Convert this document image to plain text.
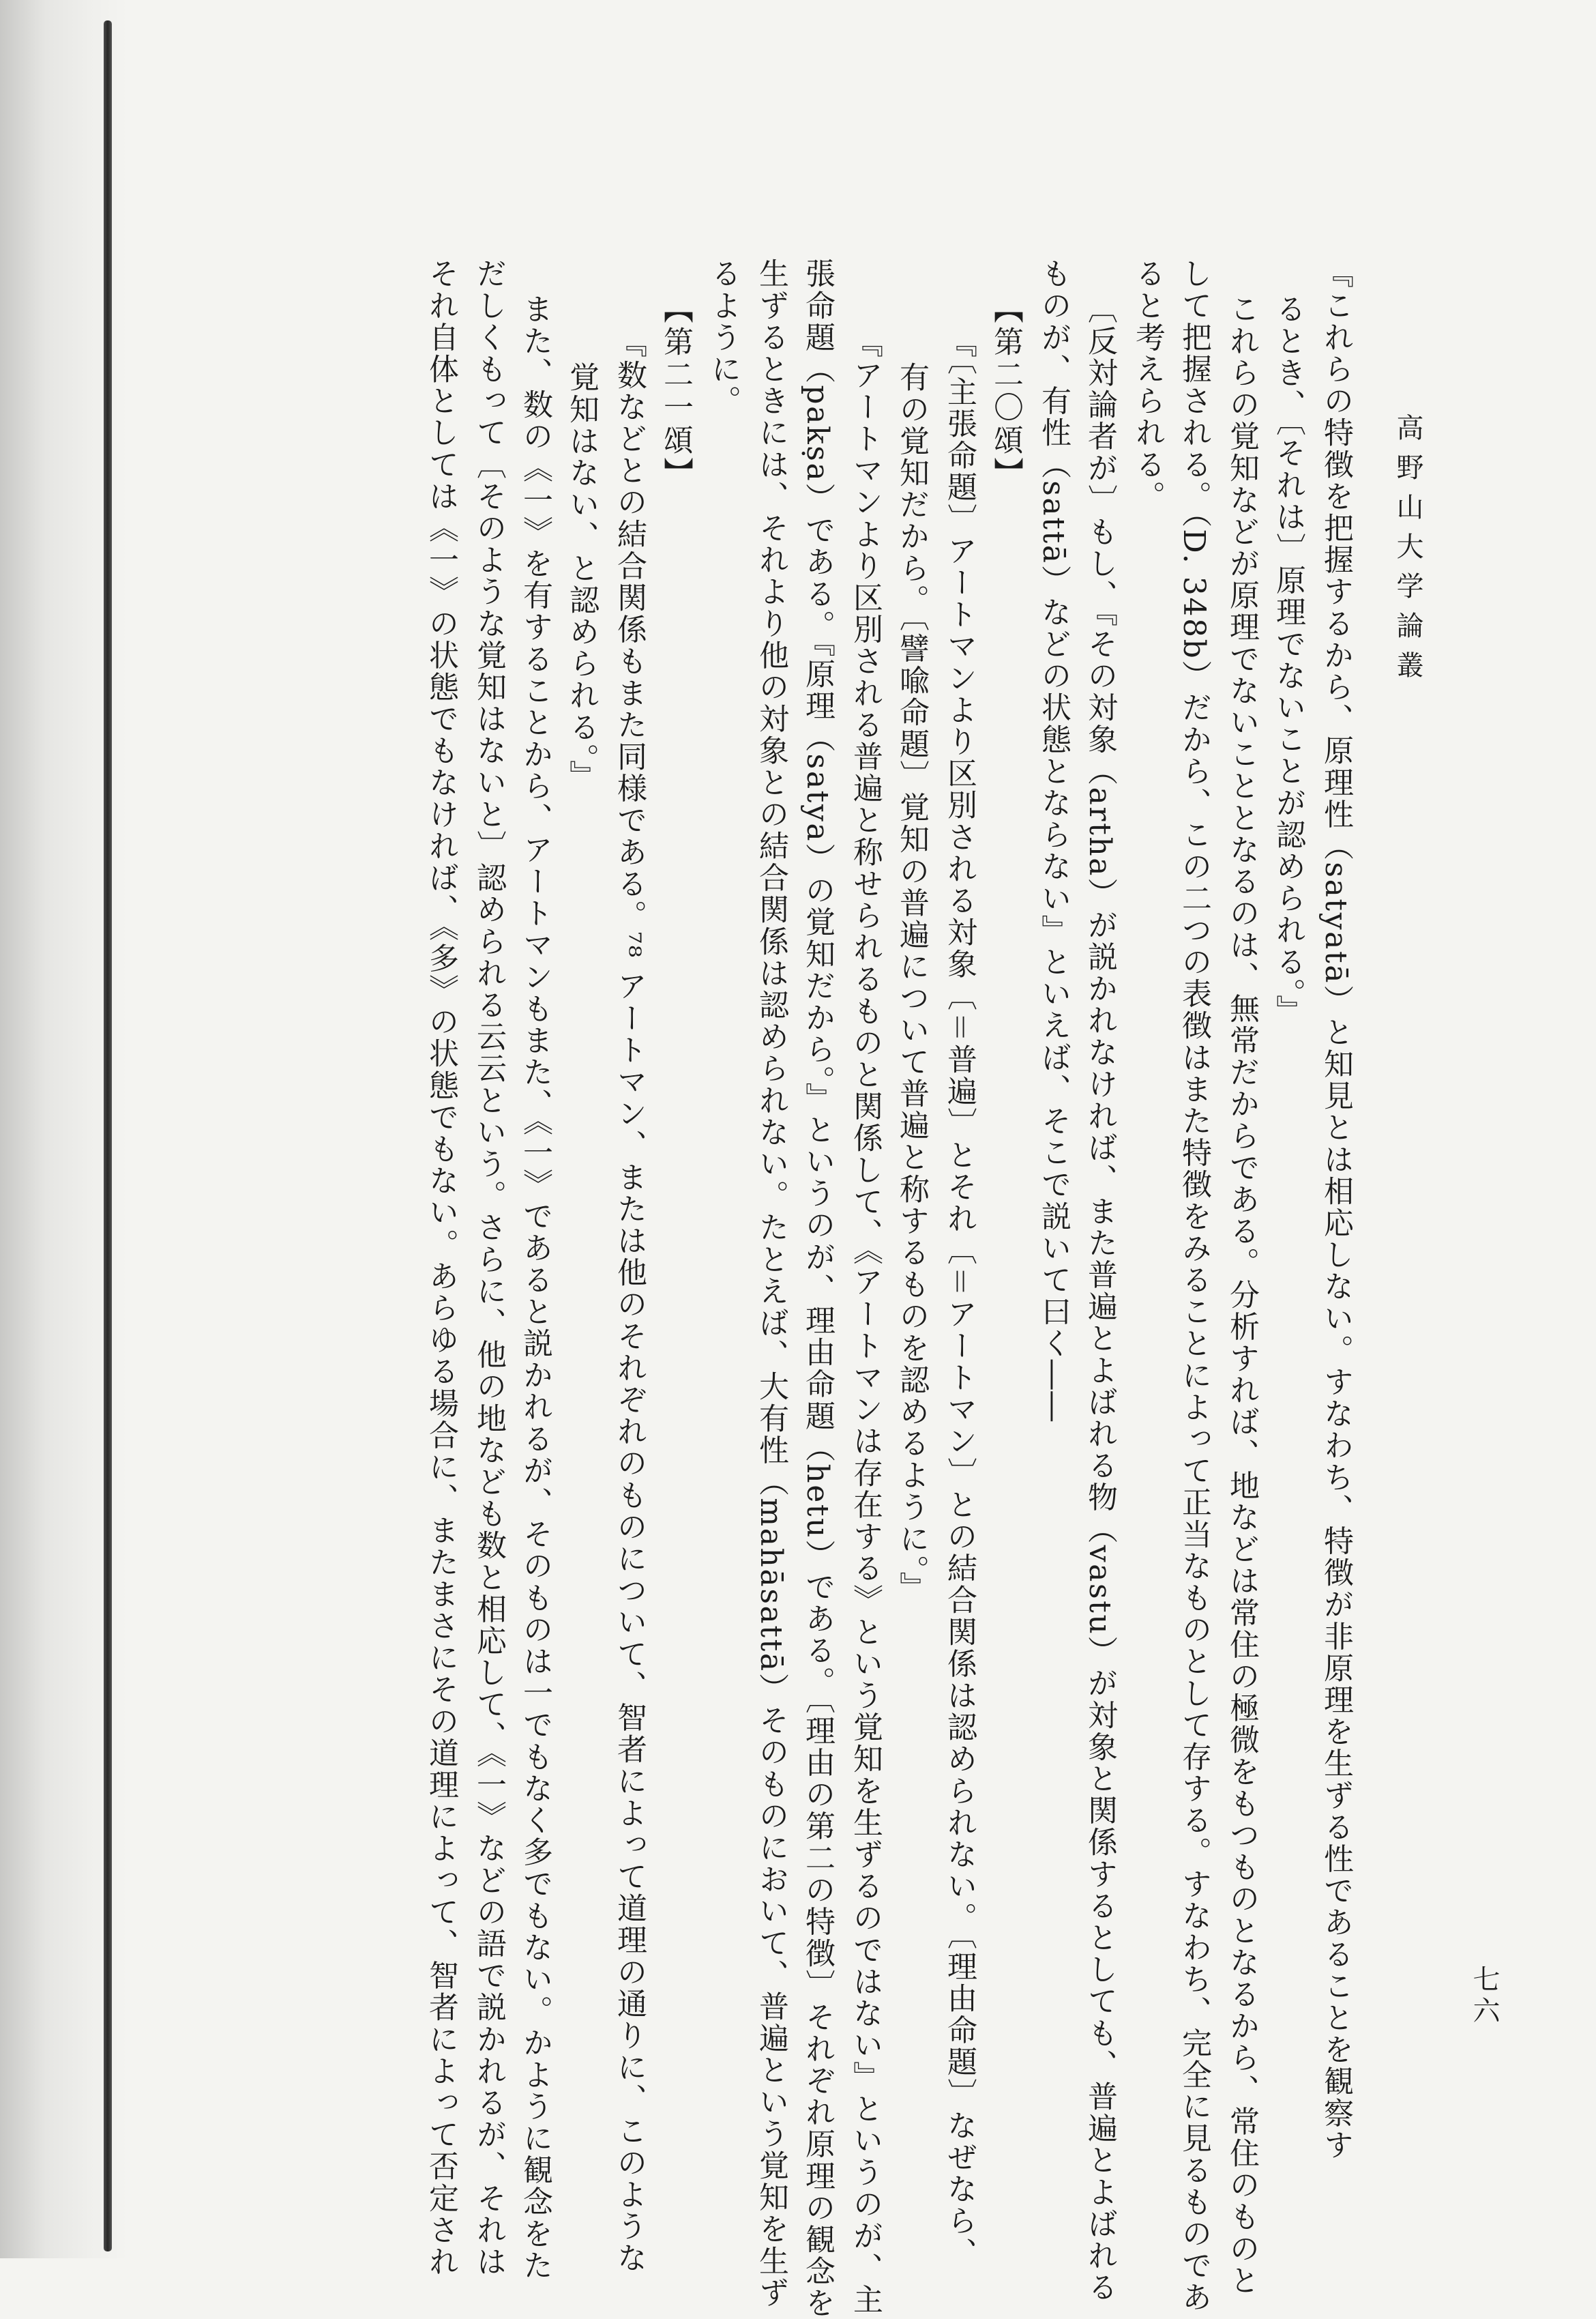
高野山大学論叢
七六
『これらの特徴を把握するから、原理性（satyatā）と知見とは相応しない。すなわち、特徴が非原理を生ずる性であることを観察す
るとき、〔それは〕原理でないことが認められる。』
これらの覚知などが原理でないこととなるのは、無常だからである。分析すれば、地などは常住の極微をもつものとなるから、常住のものと
して把握される。（D. 348b）だから、この二つの表徴はまた特徴をみることによって正当なものとして存する。すなわち、完全に見るものであ
ると考えられる。
〔反対論者が〕もし、『その対象（artha）が説かれなければ、また普遍とよばれる物（vastu）が対象と関係するとしても、普遍とよばれる
ものが、有性（sattā）などの状態とならない』といえば、そこで説いて曰く――
【第二〇頌】
『〔主張命題〕アートマンより区別される対象〔＝普遍〕とそれ〔＝アートマン〕との結合関係は認められない。〔理由命題〕なぜなら、
有の覚知だから。〔譬喩命題〕覚知の普遍について普遍と称するものを認めるように。』
『アートマンより区別される普遍と称せられるものと関係して、《アートマンは存在する》という覚知を生ずるのではない』というのが、主
張命題（pakṣa）である。『原理（satya）の覚知だから。』というのが、理由命題（hetu）である。〔理由の第二の特徴〕それぞれ原理の観念を
生ずるときには、それより他の対象との結合関係は認められない。たとえば、大有性（mahāsattā）そのものにおいて、普遍という覚知を生ず
るように。
【第二一頌】
『数などとの結合関係もまた同様である。⁷⁸ アートマン、または他のそれぞれのものについて、智者によって道理の通りに、このような
覚知はない、と認められる。』
また、数の《一》を有することから、アートマンもまた、《一》であると説かれるが、そのものは一でもなく多でもない。かように観念をた
だしくもって〔そのような覚知はないと〕認められる云云という。さらに、他の地なども数と相応して、《一》などの語で説かれるが、それは
それ自体としては《一》の状態でもなければ、《多》の状態でもない。あらゆる場合に、またまさにその道理によって、智者によって否定され
